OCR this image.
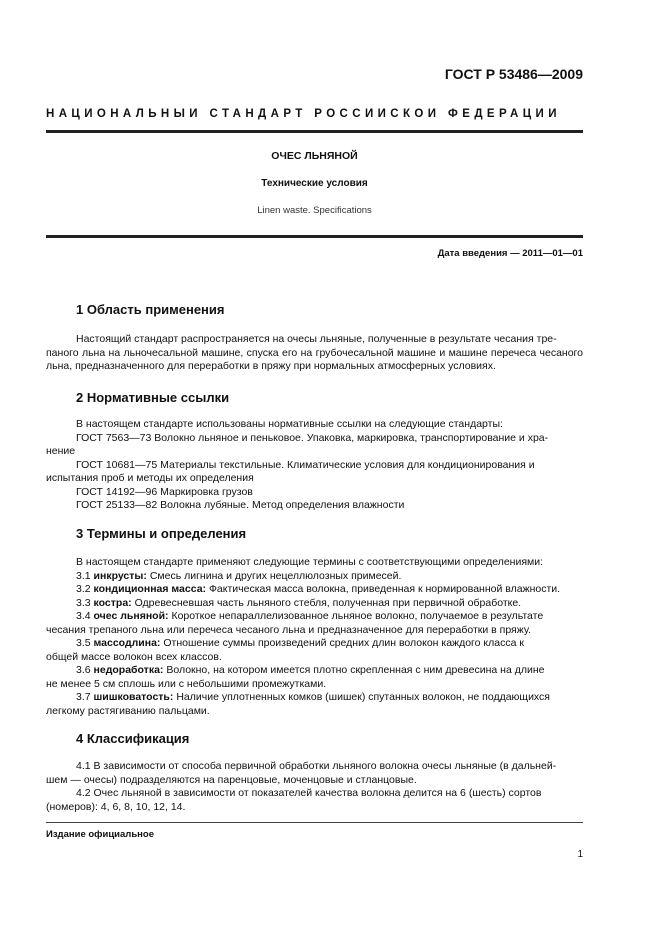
ГОСТ Р 53486—2009
НАЦИОНАЛЬНЫЙ СТАНДАРТ РОССИЙСКОЙ ФЕДЕРАЦИИ
ОЧЕС ЛЬНЯНОЙ
Технические условия
Linen waste. Specifications
Дата введения — 2011—01—01
1 Область применения
Настоящий стандарт распространяется на очесы льняные, полученные в результате чесания тре-
паного льна на льночесальной машине, спуска его на грубочесальной машине и машине перечеса чесаного льна, предназначенного для переработки в пряжу при нормальных атмосферных условиях.
2 Нормативные ссылки
В настоящем стандарте использованы нормативные ссылки на следующие стандарты:
ГОСТ 7563—73 Волокно льняное и пеньковое. Упаковка, маркировка, транспортирование и хра-
нение
ГОСТ 10681—75 Материалы текстильные. Климатические условия для кондиционирования и
испытания проб и методы их определения
ГОСТ 14192—96 Маркировка грузов
ГОСТ 25133—82 Волокна лубяные. Метод определения влажности
3 Термины и определения
В настоящем стандарте применяют следующие термины с соответствующими определениями:
3.1 инкрусты: Смесь лигнина и других нецеллюлозных примесей.
3.2 кондиционная масса: Фактическая масса волокна, приведенная к нормированной влажности.
3.3 костра: Одревесневшая часть льняного стебля, полученная при первичной обработке.
3.4 очес льняной: Короткое непараллелизованное льняное волокно, получаемое в результате
чесания трепаного льна или перечеса чесаного льна и предназначенное для переработки в пряжу.
3.5 массодлина: Отношение суммы произведений средних длин волокон каждого класса к
общей массе волокон всех классов.
3.6 недоработка: Волокно, на котором имеется плотно скрепленная с ним древесина на длине
не менее 5 см сплошь или с небольшими промежутками.
3.7 шишковатость: Наличие уплотненных комков (шишек) спутанных волокон, не поддающихся
легкому растягиванию пальцами.
4 Классификация
4.1 В зависимости от способа первичной обработки льняного волокна очесы льняные (в дальней-
шем — очесы) подразделяются на паренцовые, моченцовые и стланцовые.
4.2 Очес льняной в зависимости от показателей качества волокна делится на 6 (шесть) сортов
(номеров): 4, 6, 8, 10, 12, 14.
Издание официальное
1
